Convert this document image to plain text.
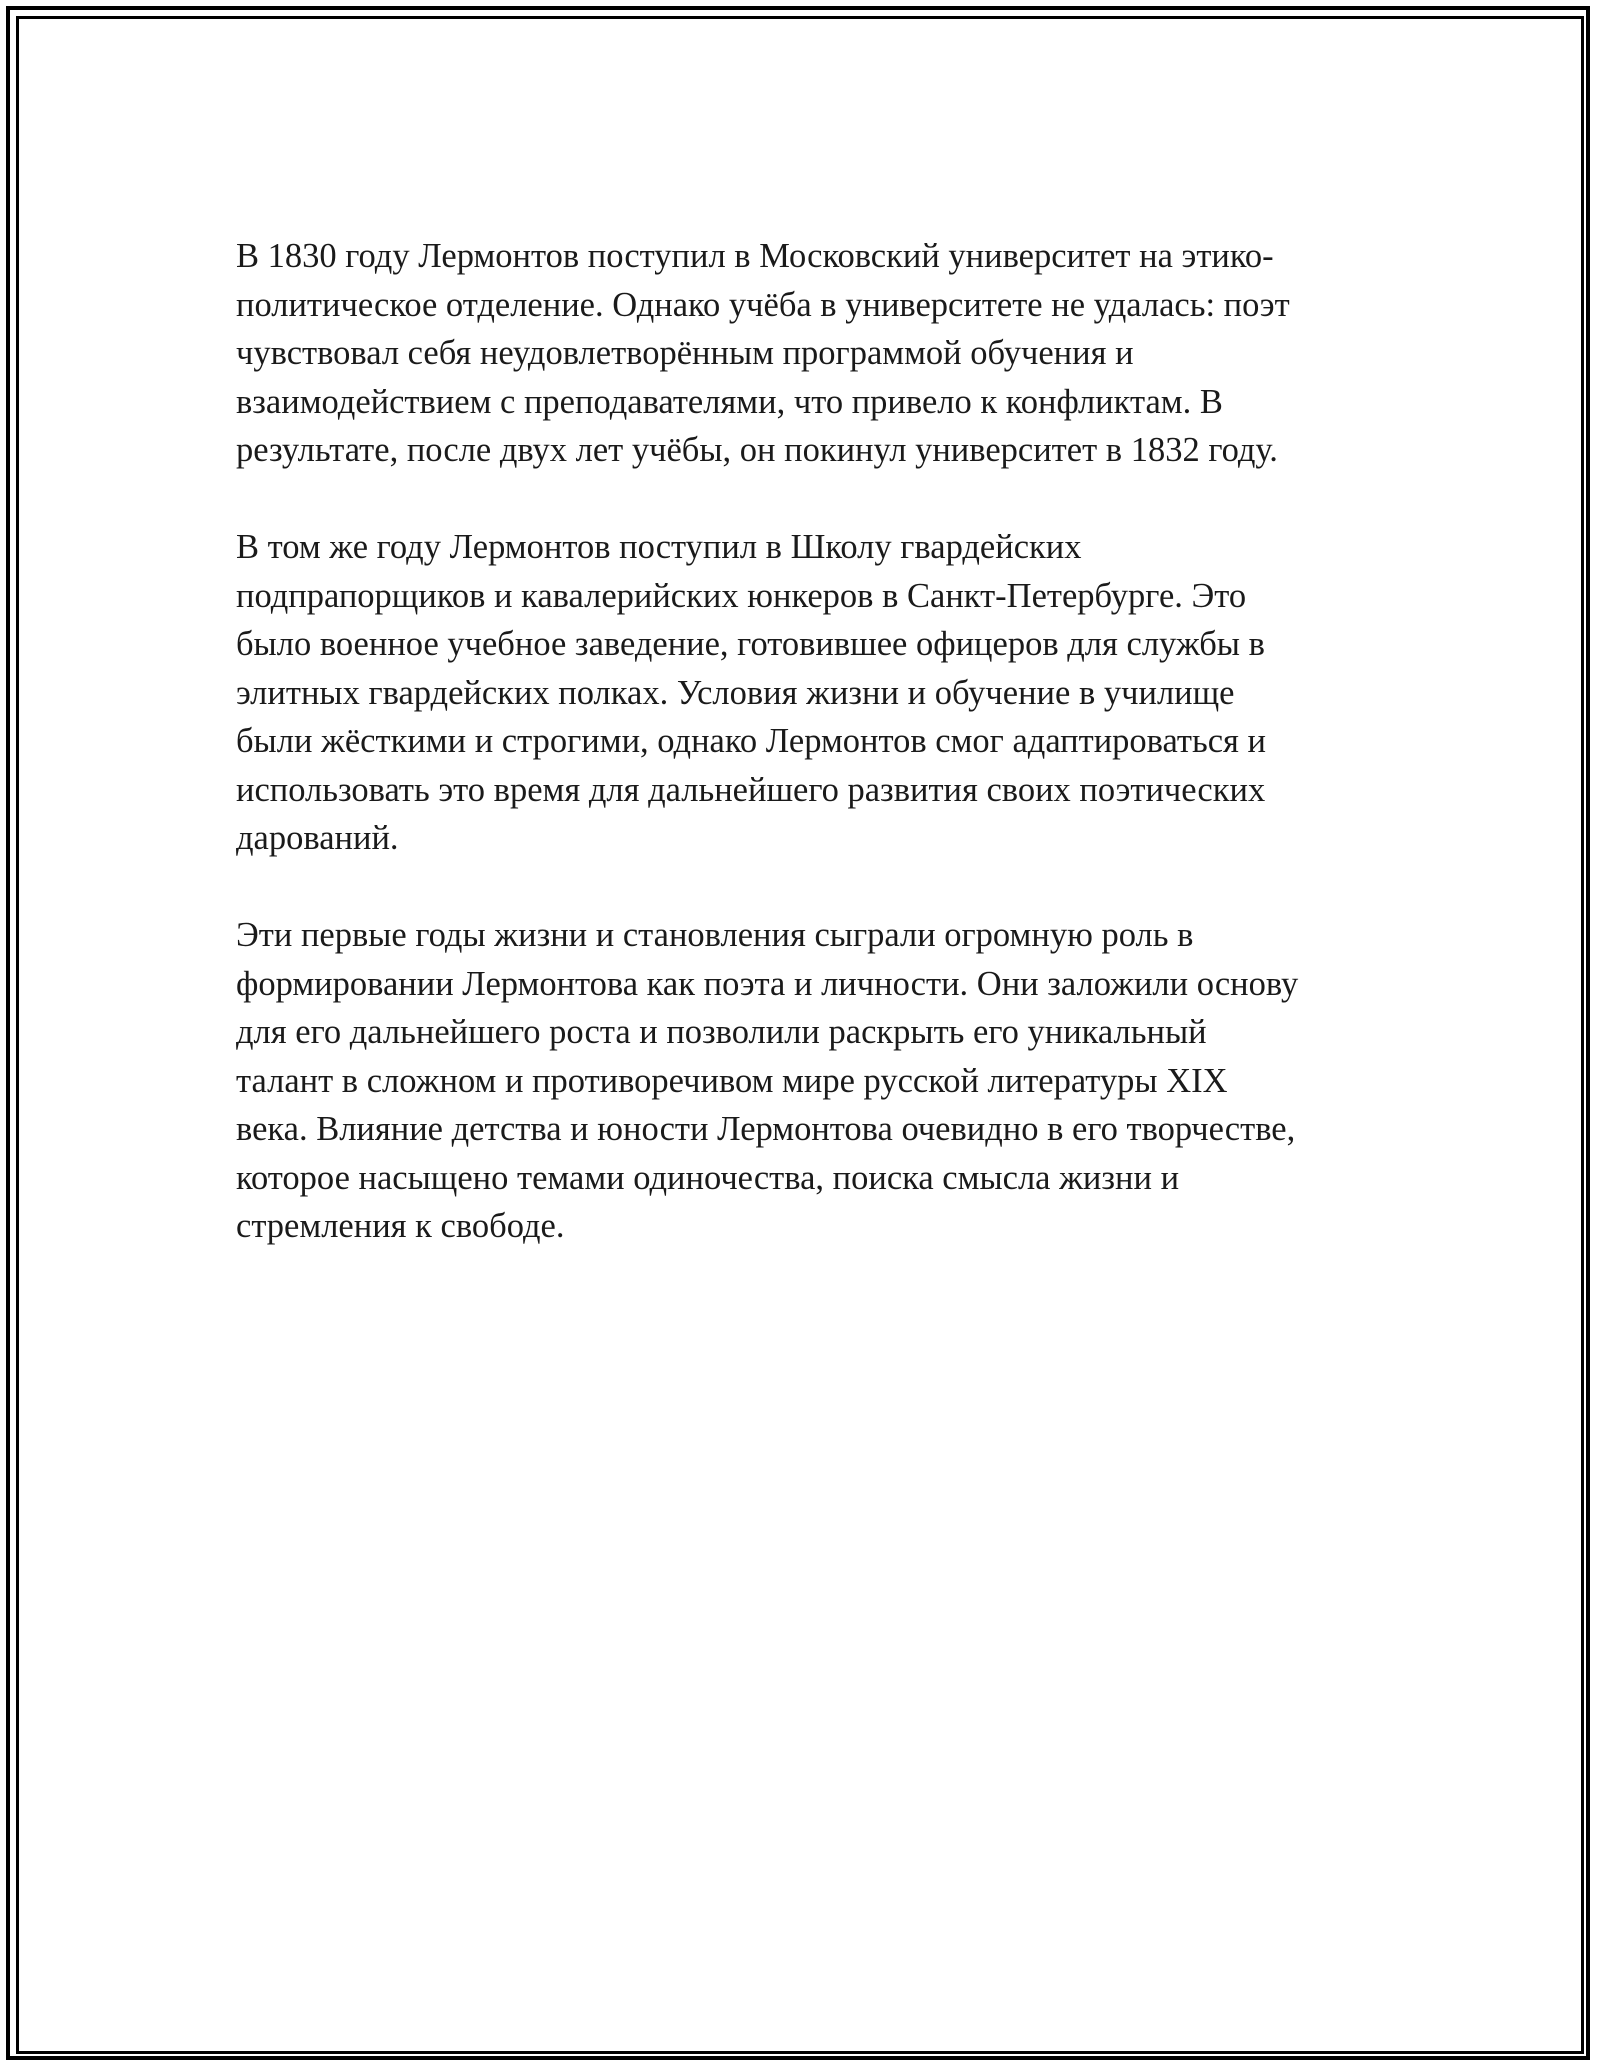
В 1830 году Лермонтов поступил в Московский университет на этико-
политическое отделение. Однако учёба в университете не удалась: поэт
чувствовал себя неудовлетворённым программой обучения и
взаимодействием с преподавателями, что привело к конфликтам. В
результате, после двух лет учёбы, он покинул университет в 1832 году.

В том же году Лермонтов поступил в Школу гвардейских
подпрапорщиков и кавалерийских юнкеров в Санкт-Петербурге. Это
было военное учебное заведение, готовившее офицеров для службы в
элитных гвардейских полках. Условия жизни и обучение в училище
были жёсткими и строгими, однако Лермонтов смог адаптироваться и
использовать это время для дальнейшего развития своих поэтических
дарований.

Эти первые годы жизни и становления сыграли огромную роль в
формировании Лермонтова как поэта и личности. Они заложили основу
для его дальнейшего роста и позволили раскрыть его уникальный
талант в сложном и противоречивом мире русской литературы XIX
века. Влияние детства и юности Лермонтова очевидно в его творчестве,
которое насыщено темами одиночества, поиска смысла жизни и
стремления к свободе.
